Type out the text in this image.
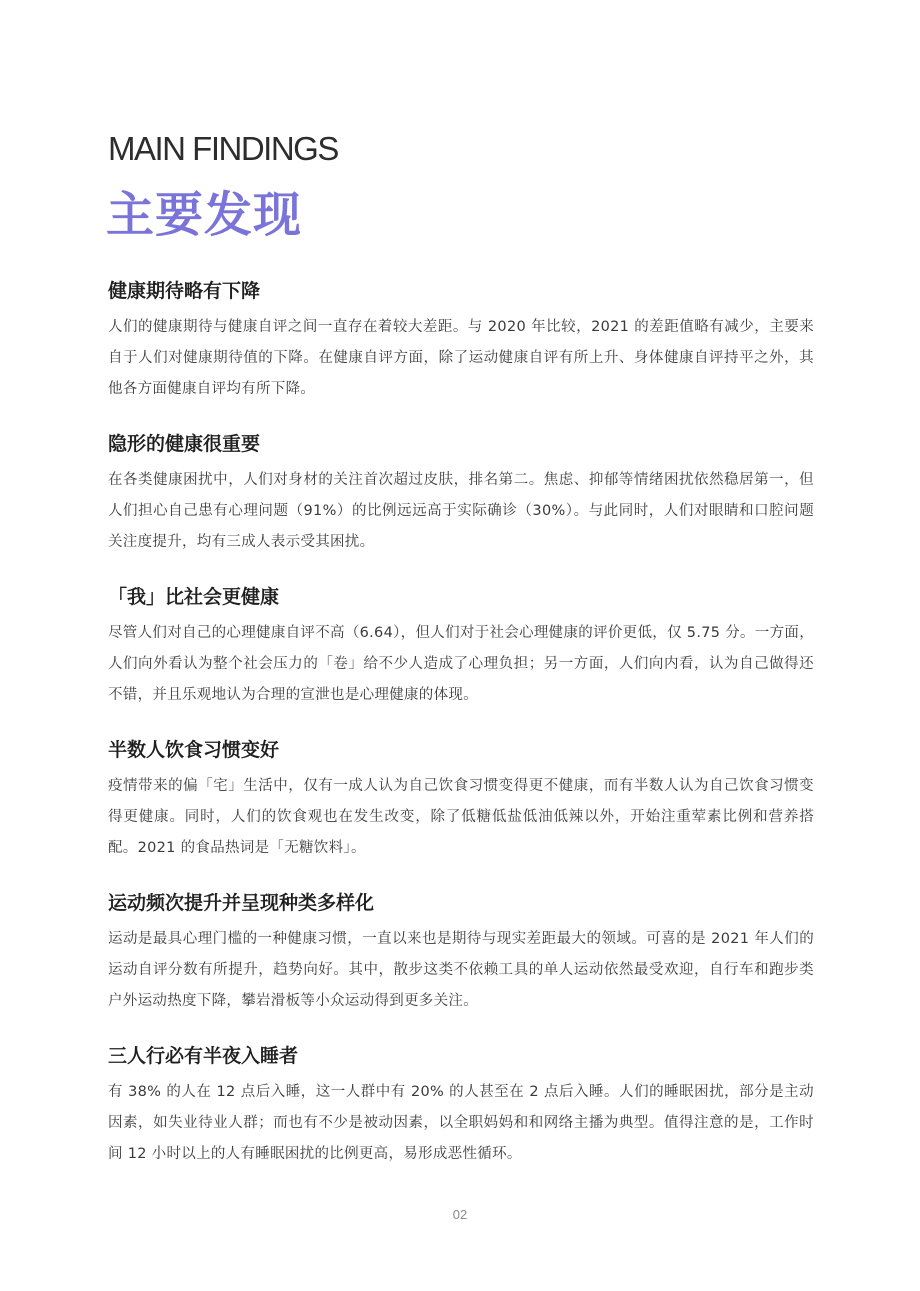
MAIN FINDINGS
主要发现
健康期待略有下降

人们的健康期待与健康自评之间一直存在着较大差距。与 2020 年比较，2021 的差距值略有减少，主要来自于人们对健康期待值的下降。在健康自评方面，除了运动健康自评有所上升、身体健康自评持平之外，其他各方面健康自评均有所下降。

隐形的健康很重要

在各类健康困扰中，人们对身材的关注首次超过皮肤，排名第二。焦虑、抑郁等情绪困扰依然稳居第一，但人们担心自己患有心理问题（91%）的比例远远高于实际确诊（30%）。与此同时，人们对眼睛和口腔问题关注度提升，均有三成人表示受其困扰。

「我」比社会更健康

尽管人们对自己的心理健康自评不高（6.64），但人们对于社会心理健康的评价更低，仅 5.75 分。一方面，人们向外看认为整个社会压力的「卷」给不少人造成了心理负担；另一方面，人们向内看，认为自己做得还不错，并且乐观地认为合理的宣泄也是心理健康的体现。

半数人饮食习惯变好

疫情带来的偏「宅」生活中，仅有一成人认为自己饮食习惯变得更不健康，而有半数人认为自己饮食习惯变得更健康。同时，人们的饮食观也在发生改变，除了低糖低盐低油低辣以外，开始注重荤素比例和营养搭配。2021 的食品热词是「无糖饮料」。

运动频次提升并呈现种类多样化

运动是最具心理门槛的一种健康习惯，一直以来也是期待与现实差距最大的领域。可喜的是 2021 年人们的运动自评分数有所提升，趋势向好。其中，散步这类不依赖工具的单人运动依然最受欢迎，自行车和跑步类户外运动热度下降，攀岩滑板等小众运动得到更多关注。

三人行必有半夜入睡者

有 38% 的人在 12 点后入睡，这一人群中有 20% 的人甚至在 2 点后入睡。人们的睡眠困扰，部分是主动因素，如失业待业人群；而也有不少是被动因素，以全职妈妈和和网络主播为典型。值得注意的是，工作时间 12 小时以上的人有睡眠困扰的比例更高，易形成恶性循环。

02
